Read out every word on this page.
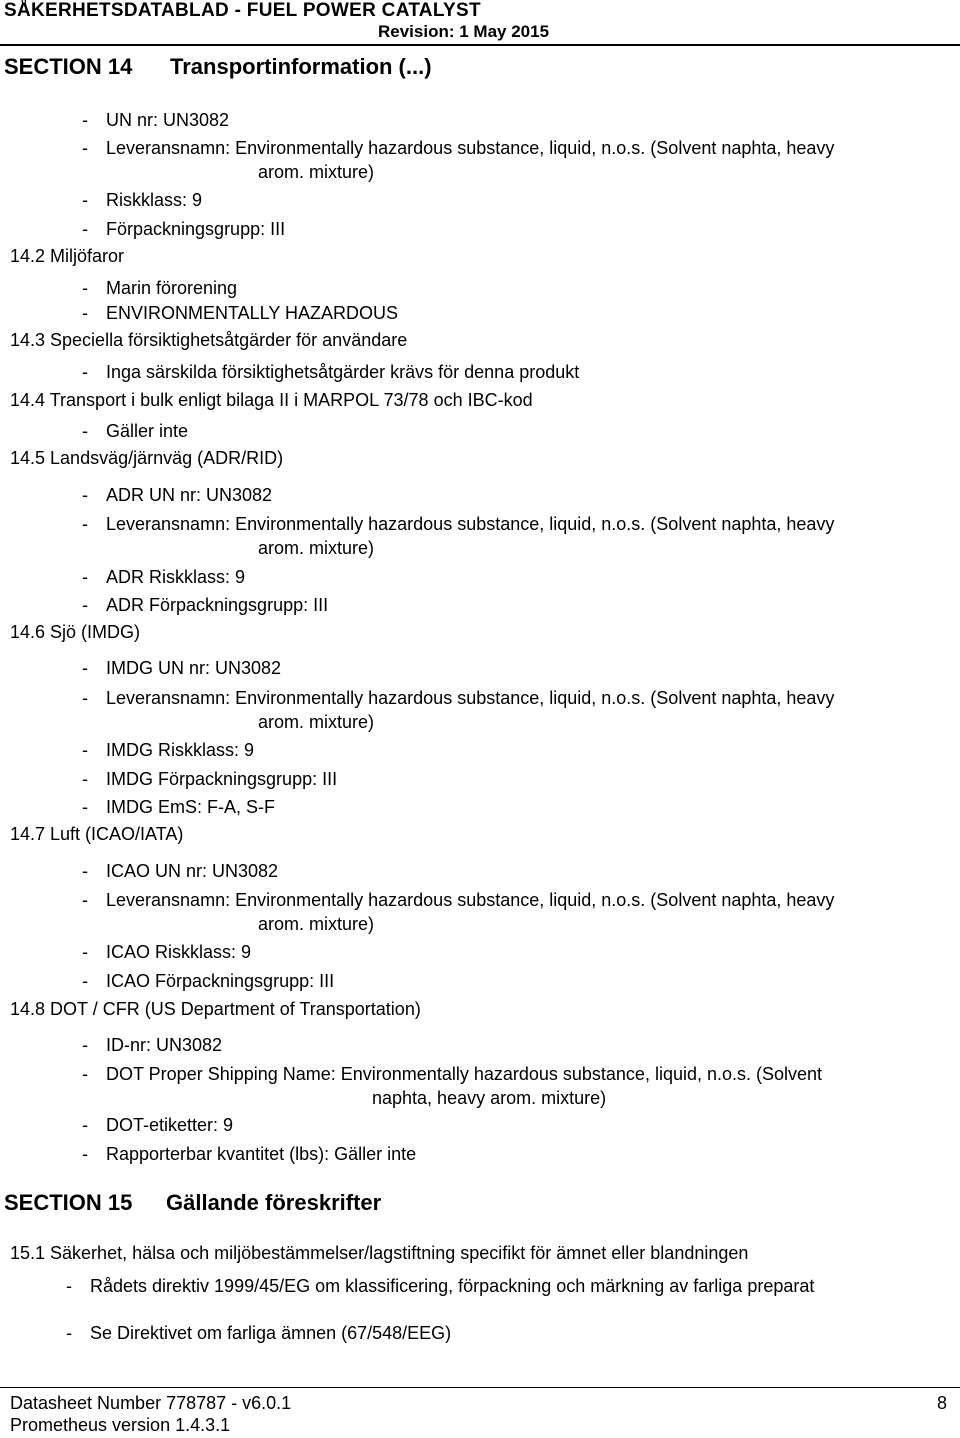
SÅKERHETSDATABLAD - FUEL POWER CATALYST
Revision: 1 May 2015
SECTION 14 Transportinformation (...)
- UN nr: UN3082
- Leveransnamn: Environmentally hazardous substance, liquid, n.o.s. (Solvent naphta, heavy
arom. mixture)
- Riskklass: 9
- Förpackningsgrupp: III
14.2 Miljöfaror
- Marin förorening
- ENVIRONMENTALLY HAZARDOUS
14.3 Speciella försiktighetsåtgärder för användare
- Inga särskilda försiktighetsåtgärder krävs för denna produkt
14.4 Transport i bulk enligt bilaga II i MARPOL 73/78 och IBC-kod
- Gäller inte
14.5 Landsväg/järnväg (ADR/RID)
- ADR UN nr: UN3082
- Leveransnamn: Environmentally hazardous substance, liquid, n.o.s. (Solvent naphta, heavy
arom. mixture)
- ADR Riskklass: 9
- ADR Förpackningsgrupp: III
14.6 Sjö (IMDG)
- IMDG UN nr: UN3082
- Leveransnamn: Environmentally hazardous substance, liquid, n.o.s. (Solvent naphta, heavy
arom. mixture)
- IMDG Riskklass: 9
- IMDG Förpackningsgrupp: III
- IMDG EmS: F-A, S-F
14.7 Luft (ICAO/IATA)
- ICAO UN nr: UN3082
- Leveransnamn: Environmentally hazardous substance, liquid, n.o.s. (Solvent naphta, heavy
arom. mixture)
- ICAO Riskklass: 9
- ICAO Förpackningsgrupp: III
14.8 DOT / CFR (US Department of Transportation)
- ID-nr: UN3082
- DOT Proper Shipping Name: Environmentally hazardous substance, liquid, n.o.s. (Solvent
naphta, heavy arom. mixture)
- DOT-etiketter: 9
- Rapporterbar kvantitet (lbs): Gäller inte
SECTION 15 Gällande föreskrifter
15.1 Säkerhet, hälsa och miljöbestämmelser/lagstiftning specifikt för ämnet eller blandningen
- Rådets direktiv 1999/45/EG om klassificering, förpackning och märkning av farliga preparat
- Se Direktivet om farliga ämnen (67/548/EEG)
Datasheet Number 778787 - v6.0.1
Prometheus version 1.4.3.1
8
